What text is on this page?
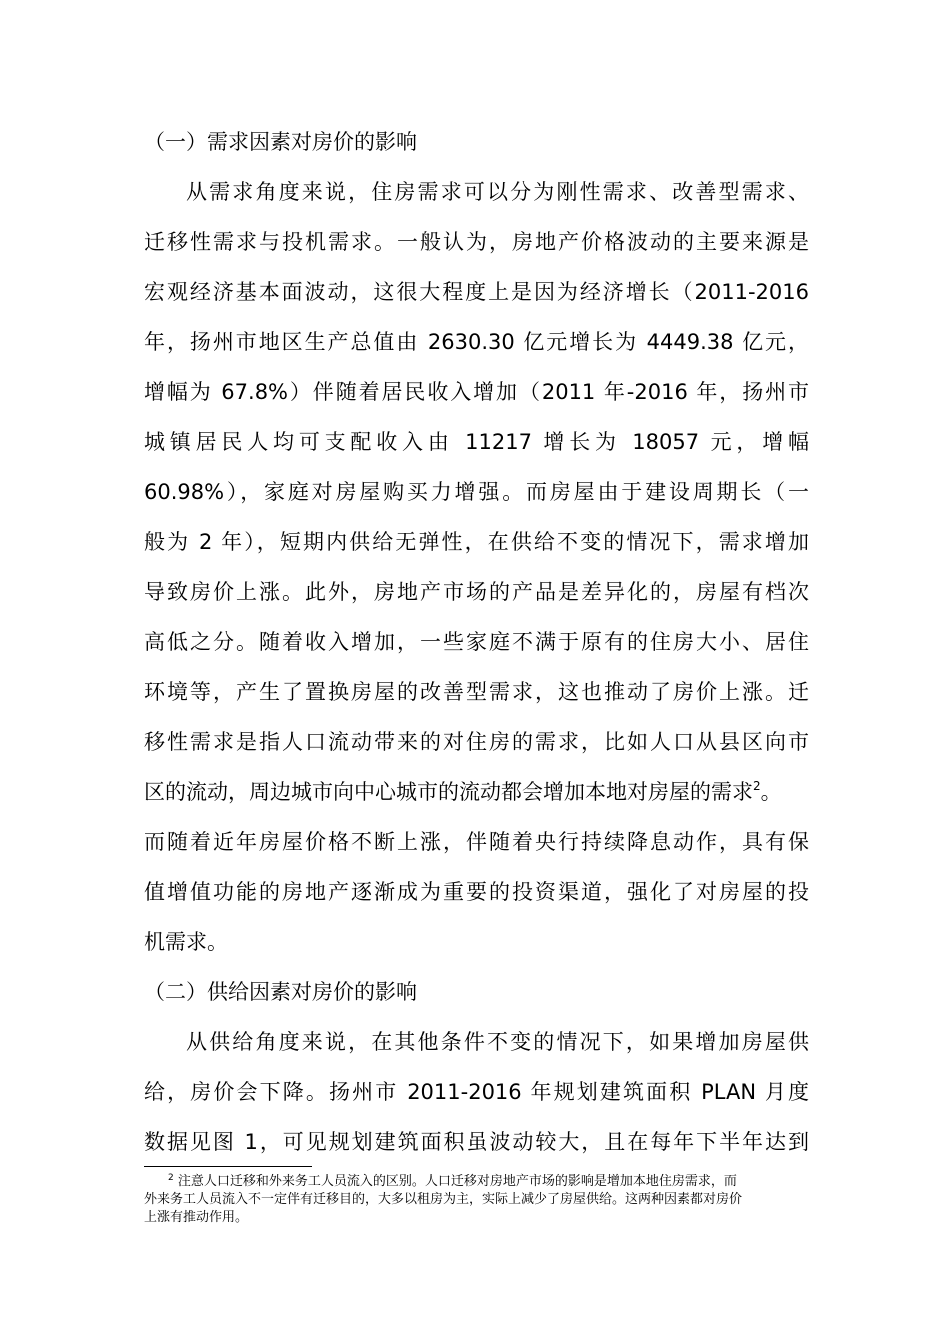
（一）需求因素对房价的影响
从需求角度来说，住房需求可以分为刚性需求、改善型需求、
迁移性需求与投机需求。一般认为，房地产价格波动的主要来源是
宏观经济基本面波动，这很大程度上是因为经济增长（2011-2016
年，扬州市地区生产总值由 2630.30 亿元增长为 4449.38 亿元，
增幅为 67.8%）伴随着居民收入增加（2011 年-2016 年，扬州市
城镇居民人均可支配收入由 11217 增长为 18057 元，增幅
60.98%），家庭对房屋购买力增强。而房屋由于建设周期长（一
般为 2 年），短期内供给无弹性，在供给不变的情况下，需求增加
导致房价上涨。此外，房地产市场的产品是差异化的，房屋有档次
高低之分。随着收入增加，一些家庭不满于原有的住房大小、居住
环境等，产生了置换房屋的改善型需求，这也推动了房价上涨。迁
移性需求是指人口流动带来的对住房的需求，比如人口从县区向市
区的流动，周边城市向中心城市的流动都会增加本地对房屋的需求$^2$。
而随着近年房屋价格不断上涨，伴随着央行持续降息动作，具有保
值增值功能的房地产逐渐成为重要的投资渠道，强化了对房屋的投
机需求。
（二）供给因素对房价的影响
从供给角度来说，在其他条件不变的情况下，如果增加房屋供
给，房价会下降。扬州市 2011-2016 年规划建筑面积 PLAN 月度
数据见图 1，可见规划建筑面积虽波动较大，且在每年下半年达到
$^2$ 注意人口迁移和外来务工人员流入的区别。人口迁移对房地产市场的影响是增加本地住房需求，而
外来务工人员流入不一定伴有迁移目的，大多以租房为主，实际上减少了房屋供给。这两种因素都对房价
上涨有推动作用。
